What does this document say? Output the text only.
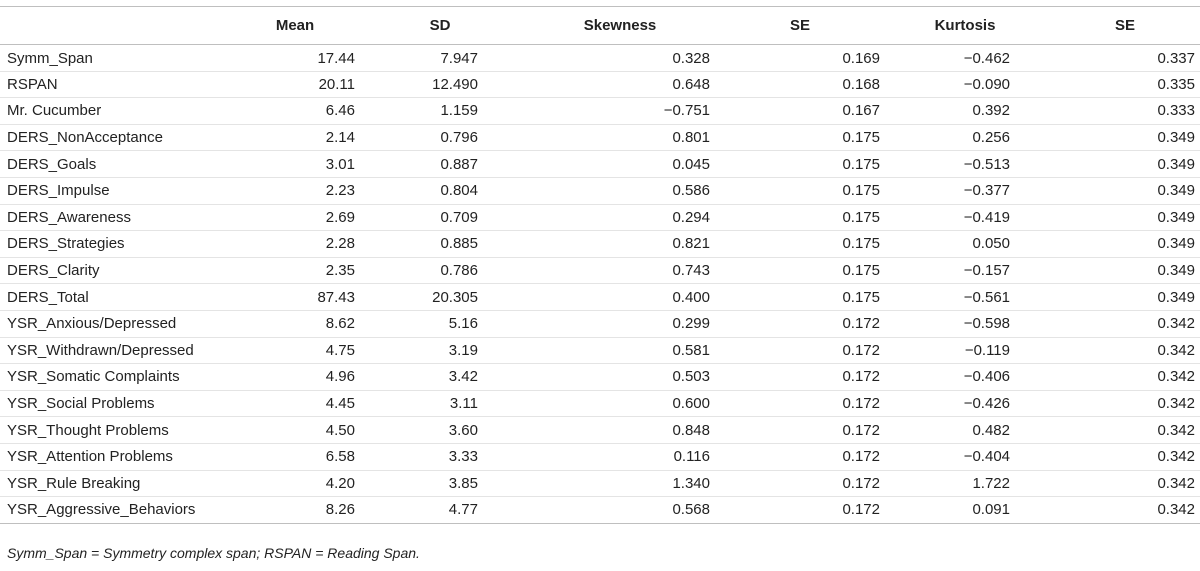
	Mean	SD	Skewness	SE	Kurtosis	SE
Symm_Span	17.44	7.947	0.328	0.169	−0.462	0.337
RSPAN	20.11	12.490	0.648	0.168	−0.090	0.335
Mr. Cucumber	6.46	1.159	−0.751	0.167	0.392	0.333
DERS_NonAcceptance	2.14	0.796	0.801	0.175	0.256	0.349
DERS_Goals	3.01	0.887	0.045	0.175	−0.513	0.349
DERS_Impulse	2.23	0.804	0.586	0.175	−0.377	0.349
DERS_Awareness	2.69	0.709	0.294	0.175	−0.419	0.349
DERS_Strategies	2.28	0.885	0.821	0.175	0.050	0.349
DERS_Clarity	2.35	0.786	0.743	0.175	−0.157	0.349
DERS_Total	87.43	20.305	0.400	0.175	−0.561	0.349
YSR_Anxious/Depressed	8.62	5.16	0.299	0.172	−0.598	0.342
YSR_Withdrawn/Depressed	4.75	3.19	0.581	0.172	−0.119	0.342
YSR_Somatic Complaints	4.96	3.42	0.503	0.172	−0.406	0.342
YSR_Social Problems	4.45	3.11	0.600	0.172	−0.426	0.342
YSR_Thought Problems	4.50	3.60	0.848	0.172	0.482	0.342
YSR_Attention Problems	6.58	3.33	0.116	0.172	−0.404	0.342
YSR_Rule Breaking	4.20	3.85	1.340	0.172	1.722	0.342
YSR_Aggressive_Behaviors	8.26	4.77	0.568	0.172	0.091	0.342
Symm_Span = Symmetry complex span; RSPAN = Reading Span.
